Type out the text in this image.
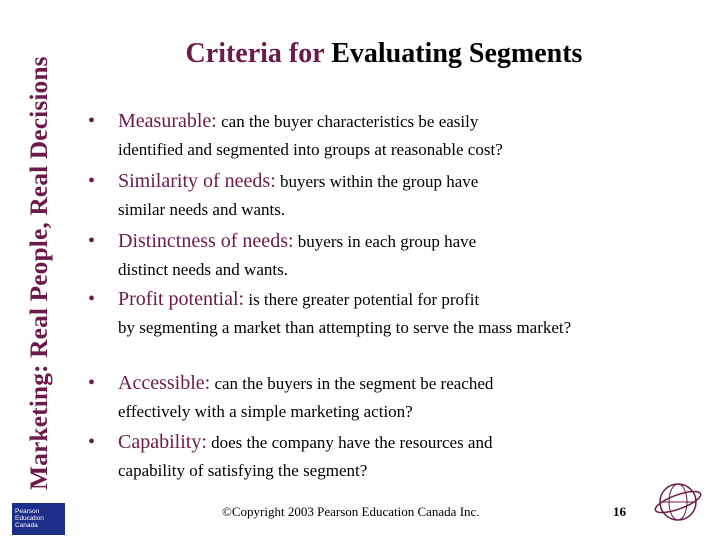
Marketing: Real People, Real Decisions
Criteria for Evaluating Segments
• Measurable: can the buyer characteristics be easily
identified and segmented into groups at reasonable cost?
• Similarity of needs: buyers within the group have
similar needs and wants.
• Distinctness of needs: buyers in each group have
distinct needs and wants.
• Profit potential: is there greater potential for profit
by segmenting a market than attempting to serve the mass market?
• Accessible: can the buyers in the segment be reached
effectively with a simple marketing action?
• Capability: does the company have the resources and
capability of satisfying the segment?
Pearson Education Canada
©Copyright 2003 Pearson Education Canada Inc.	16
